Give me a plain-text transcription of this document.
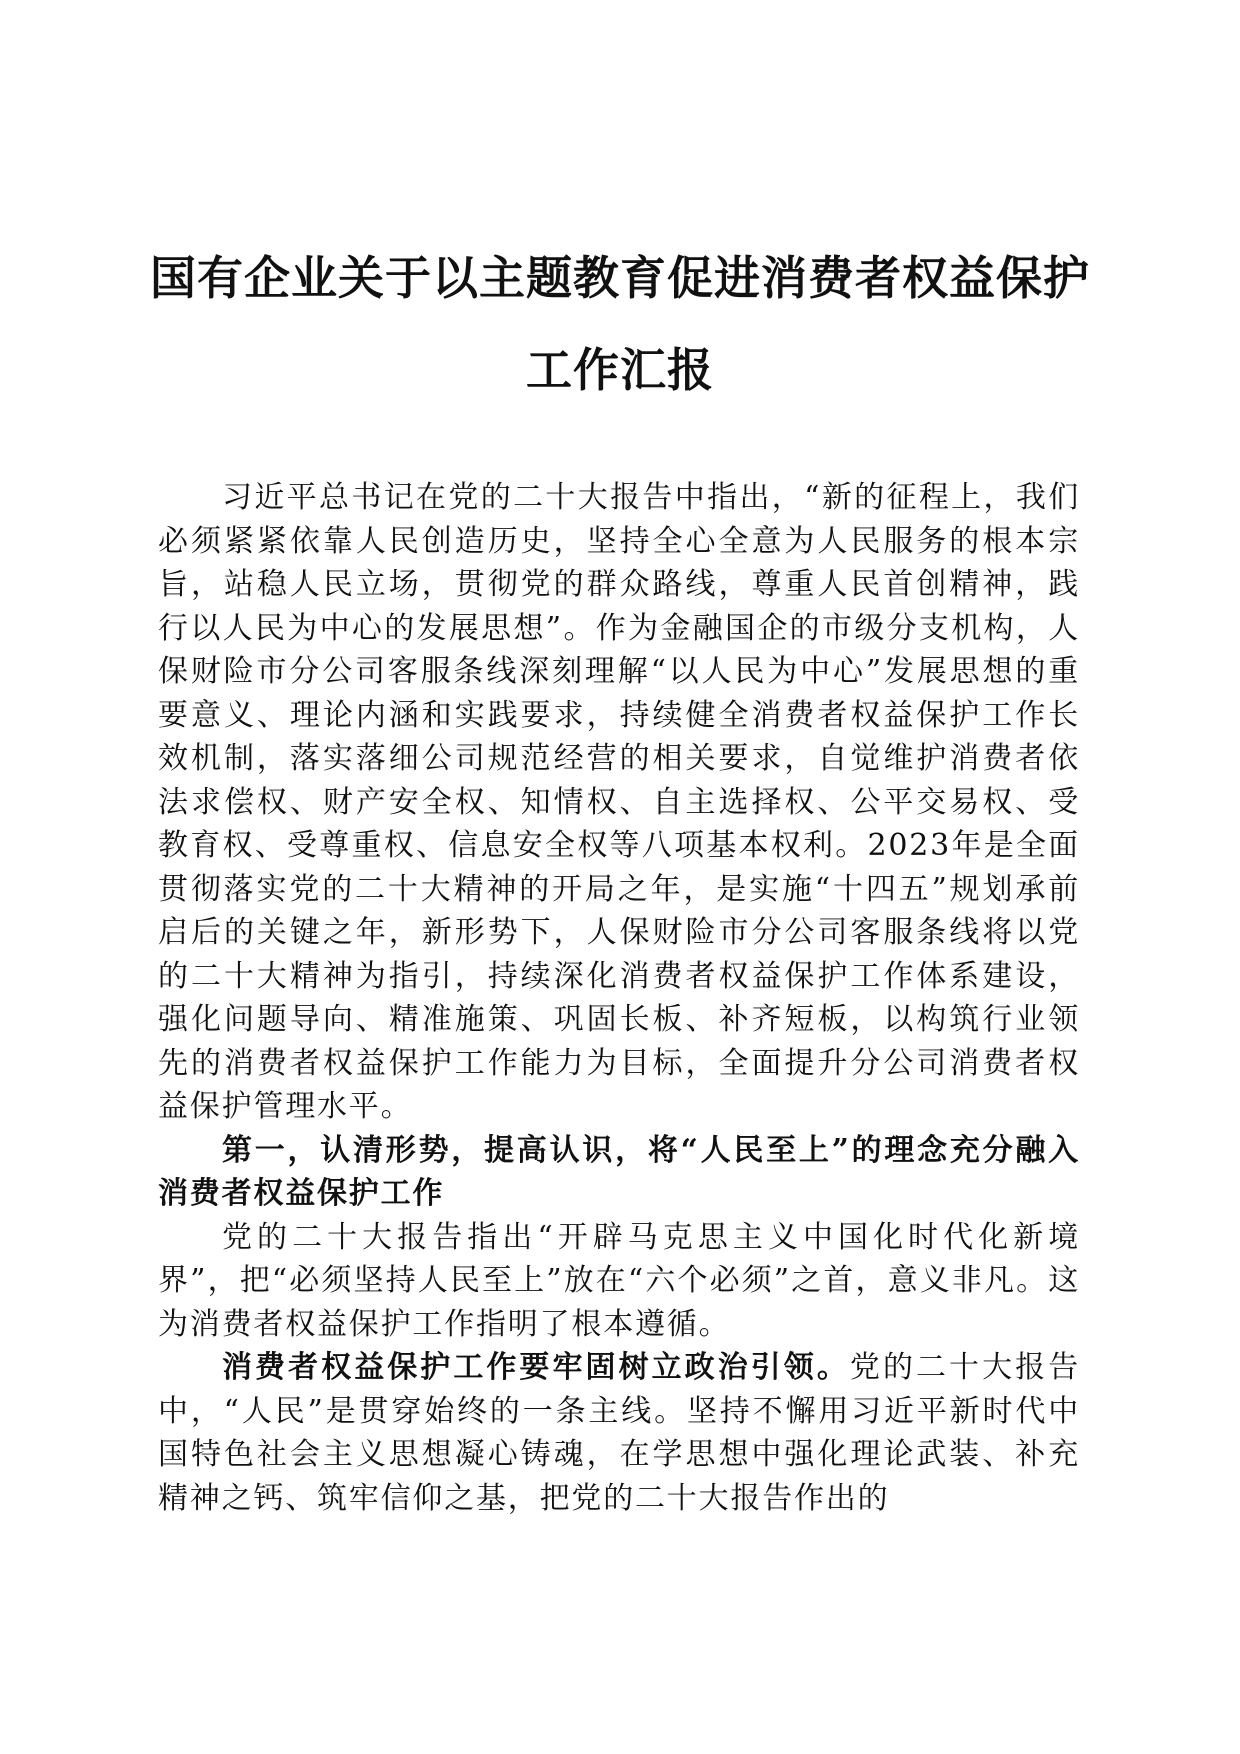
国有企业关于以主题教育促进消费者权益保护
工作汇报

习近平总书记在党的二十大报告中指出，“新的征程上，我们必须紧紧依靠人民创造历史，坚持全心全意为人民服务的根本宗旨，站稳人民立场，贯彻党的群众路线，尊重人民首创精神，践行以人民为中心的发展思想”。作为金融国企的市级分支机构，人保财险市分公司客服条线深刻理解“以人民为中心”发展思想的重要意义、理论内涵和实践要求，持续健全消费者权益保护工作长效机制，落实落细公司规范经营的相关要求，自觉维护消费者依法求偿权、财产安全权、知情权、自主选择权、公平交易权、受教育权、受尊重权、信息安全权等八项基本权利。2023年是全面贯彻落实党的二十大精神的开局之年，是实施“十四五”规划承前启后的关键之年，新形势下，人保财险市分公司客服条线将以党的二十大精神为指引，持续深化消费者权益保护工作体系建设，强化问题导向、精准施策、巩固长板、补齐短板，以构筑行业领先的消费者权益保护工作能力为目标，全面提升分公司消费者权益保护管理水平。

第一，认清形势，提高认识，将“人民至上”的理念充分融入消费者权益保护工作

党的二十大报告指出“开辟马克思主义中国化时代化新境界”，把“必须坚持人民至上”放在“六个必须”之首，意义非凡。这为消费者权益保护工作指明了根本遵循。

消费者权益保护工作要牢固树立政治引领。党的二十大报告中，“人民”是贯穿始终的一条主线。坚持不懈用习近平新时代中国特色社会主义思想凝心铸魂，在学思想中强化理论武装、补充精神之钙、筑牢信仰之基，把党的二十大报告作出的
